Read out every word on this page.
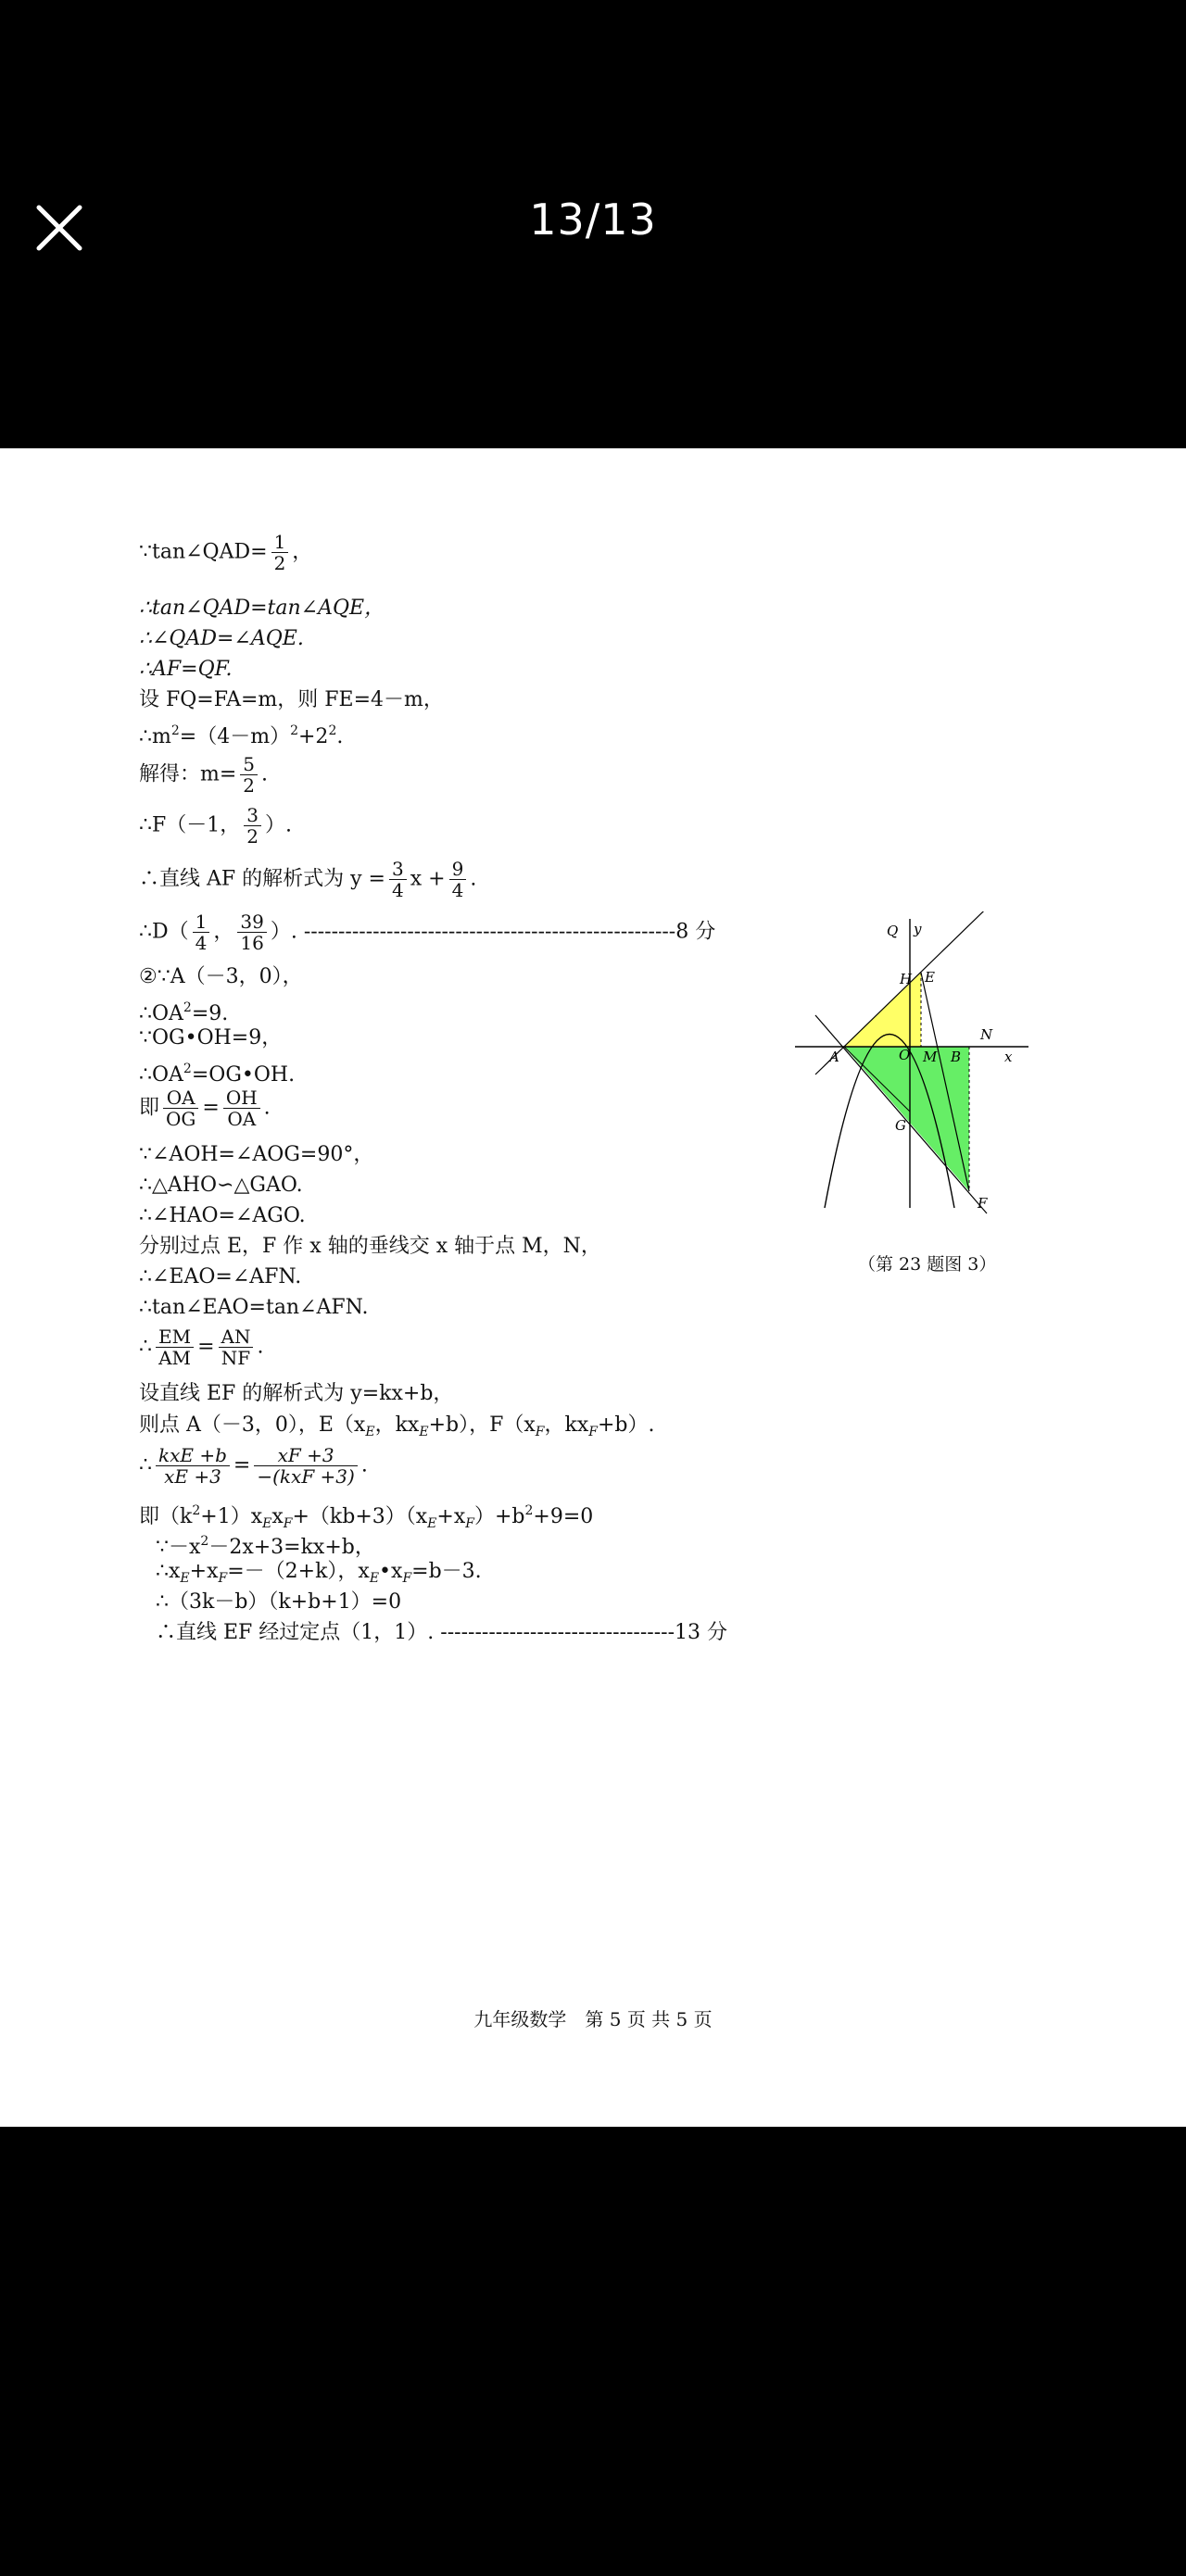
13/13
∵tan∠QAD= $\frac{1}{2}$ ，
∴tan∠QAD=tan∠AQE，
∴∠QAD=∠AQE.
∴AF=QF.
设 FQ=FA=m，则 FE=4－m，
$\therefore m^2=(4-m)^2+2^2$.
解得：$m= \frac{5}{2}$ .
∴F（－1， $\frac{3}{2}$ ）.
∴直线 AF 的解析式为 $y = \frac{3}{4}$ $x + \frac{9}{4}$ .
∴D（ $\frac{1}{4}$ ， $\frac{39}{16}$ ）. ------------------------------------------------------8 分
②∵A（－3，0），
$\therefore OA^2=9$.
∵OG•OH=9，
$\therefore OA^2=OG•OH$.
即 $\frac{OA}{OG} = \frac{OH}{OA}$ .
∵∠AOH=∠AOG=90°，
∴△AHO∽△GAO.
∴∠HAO=∠AGO.
分别过点 E，F 作 x 轴的垂线交 x 轴于点 M，N，
∴∠EAO=∠AFN.
∴tan∠EAO=tan∠AFN.
∴ $\frac{EM}{AM} = \frac{AN}{NF}$ .
设直线 EF 的解析式为 y=kx+b，
则点 A（－3，0），$E(x_E$，$kx_E+b$），$F(x_F$，$kx_F+b$）.
∴ $\frac{\text{kxE +b}}{xE +3} = \frac{xF +3}{\text{−(kxF +3)}}$ .
即$(k^2+1)x_Ex_F+(kb+3)(x_E+x_F)+b^2+9=0$
$\because-x^2-2x+3=kx+b$，
$\therefore x_E+x_F=-(2+k)$，$x_E•x_F=b-3$.
∴（3k－b）（k+b+1）=0
∴直线 EF 经过定点（1，1）. ----------------------------------13 分
Q y
H E
N
A	O M B	x
G
F
（第 23 题图 3）
九年级数学　第 5 页 共 5 页
